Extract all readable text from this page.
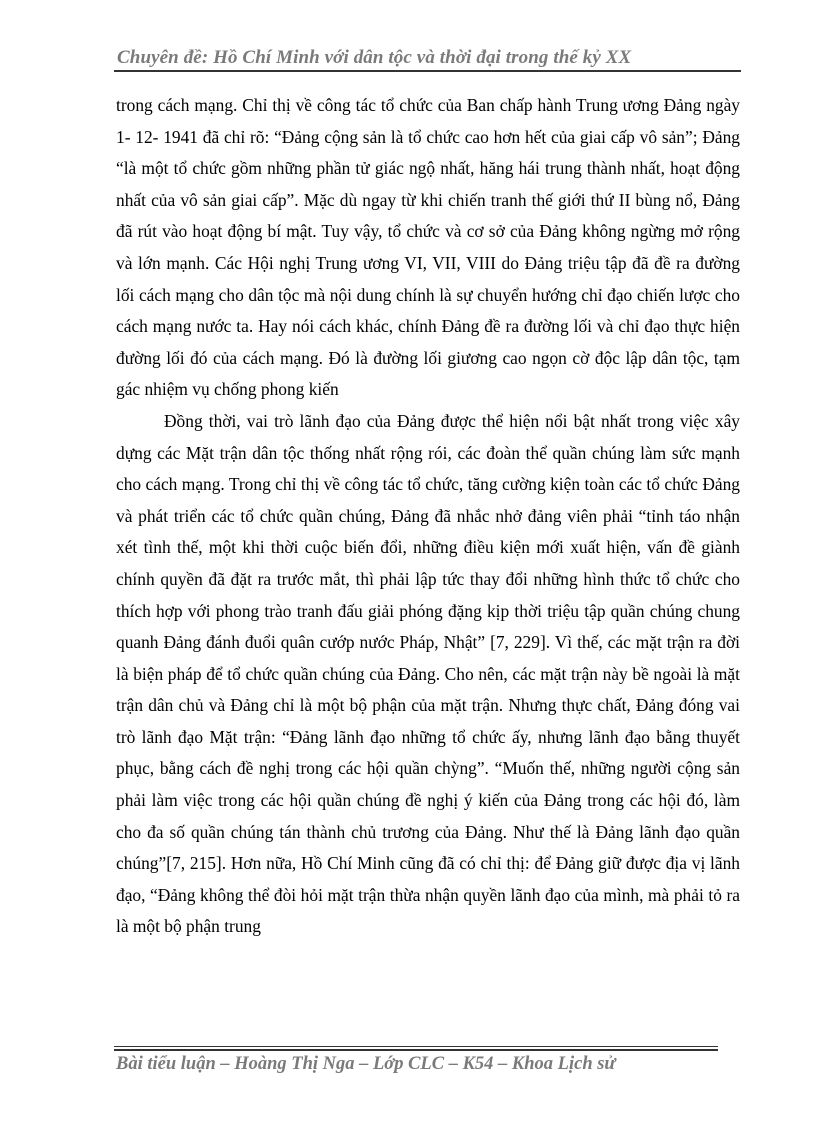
Chuyên đề: Hồ Chí Minh với dân tộc và thời đại trong thế kỷ XX

trong cách mạng. Chỉ thị về công tác tổ chức của Ban chấp hành Trung ương Đảng ngày 1- 12- 1941 đã chỉ rõ: “Đảng cộng sản là tổ chức cao hơn hết của giai cấp vô sản”; Đảng “là một tổ chức gồm những phần tử giác ngộ nhất, hăng hái trung thành nhất, hoạt động nhất của vô sản giai cấp”. Mặc dù ngay từ khi chiến tranh thế giới thứ II bùng nổ, Đảng đã rút vào hoạt động bí mật. Tuy vậy, tổ chức và cơ sở của Đảng không ngừng mở rộng và lớn mạnh. Các Hội nghị Trung ương VI, VII, VIII do Đảng triệu tập đã đề ra đường lối cách mạng cho dân tộc mà nội dung chính là sự chuyển hướng chỉ đạo chiến lược cho cách mạng nước ta. Hay nói cách khác, chính Đảng đề ra đường lối và chỉ đạo thực hiện đường lối đó của cách mạng. Đó là đường lối giương cao ngọn cờ độc lập dân tộc, tạm gác nhiệm vụ chống phong kiến

Đồng thời, vai trò lãnh đạo của Đảng được thể hiện nổi bật nhất trong việc xây dựng các Mặt trận dân tộc thống nhất rộng rói, các đoàn thể quần chúng làm sức mạnh cho cách mạng. Trong chỉ thị về công tác tổ chức, tăng cường kiện toàn các tổ chức Đảng và phát triển các tổ chức quần chúng, Đảng đã nhắc nhở đảng viên phải “tỉnh táo nhận xét tình thế, một khi thời cuộc biến đổi, những điều kiện mới xuất hiện, vấn đề giành chính quyền đã đặt ra trước mắt, thì phải lập tức thay đổi những hình thức tổ chức cho thích hợp với phong trào tranh đấu giải phóng đặng kịp thời triệu tập quần chúng chung quanh Đảng đánh đuổi quân cướp nước Pháp, Nhật” [7, 229]. Vì thế, các mặt trận ra đời là biện pháp để tổ chức quần chúng của Đảng. Cho nên, các mặt trận này bề ngoài là mặt trận dân chủ và Đảng chỉ là một bộ phận của mặt trận. Nhưng thực chất, Đảng đóng vai trò lãnh đạo Mặt trận: “Đảng lãnh đạo những tổ chức ấy, nhưng lãnh đạo bằng thuyết phục, bằng cách đề nghị trong các hội quần chỳng”. “Muốn thế, những người cộng sản phải làm việc trong các hội quần chúng đề nghị ý kiến của Đảng trong các hội đó, làm cho đa số quần chúng tán thành chủ trương của Đảng. Như thế là Đảng lãnh đạo quần chúng”[7, 215]. Hơn nữa, Hồ Chí Minh cũng đã có chỉ thị: để Đảng giữ được địa vị lãnh đạo, “Đảng không thể đòi hỏi mặt trận thừa nhận quyền lãnh đạo của mình, mà phải tỏ ra là một bộ phận trung

Bài tiểu luận – Hoàng Thị Nga – Lớp CLC – K54 – Khoa Lịch sử
